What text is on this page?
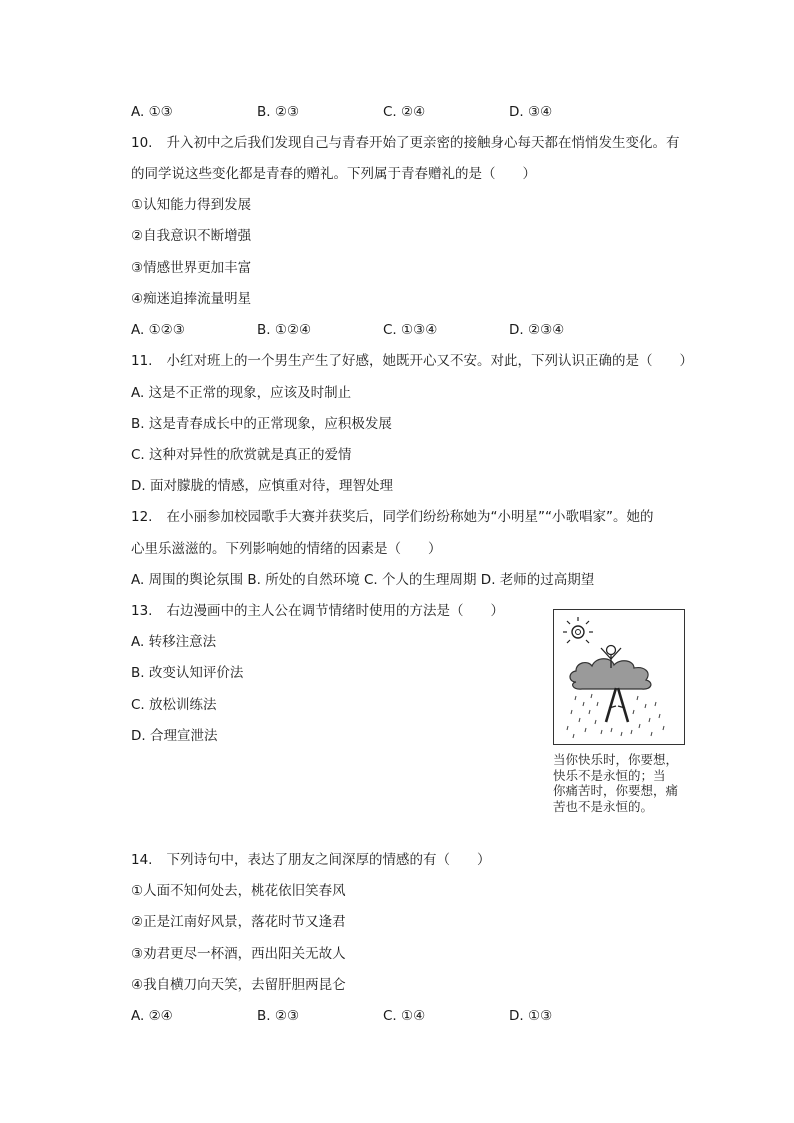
A. ①③	B. ②③	C. ②④	D. ③④
10. 升入初中之后我们发现自己与青春开始了更亲密的接触身心每天都在悄悄发生变化。有
的同学说这些变化都是青春的赠礼。下列属于青春赠礼的是（　　）
①认知能力得到发展
②自我意识不断增强
③情感世界更加丰富
④痴迷追捧流量明星
A. ①②③	B. ①②④	C. ①③④	D. ②③④
11. 小红对班上的一个男生产生了好感，她既开心又不安。对此，下列认识正确的是（　　）
A. 这是不正常的现象，应该及时制止
B. 这是青春成长中的正常现象，应积极发展
C. 这种对异性的欣赏就是真正的爱情
D. 面对朦胧的情感，应慎重对待，理智处理
12. 在小丽参加校园歌手大赛并获奖后，同学们纷纷称她为“小明星”“小歌唱家”。她的
心里乐滋滋的。下列影响她的情绪的因素是（　　）
A. 周围的舆论氛围 B. 所处的自然环境 C. 个人的生理周期 D. 老师的过高期望
13. 右边漫画中的主人公在调节情绪时使用的方法是（　　）
A. 转移注意法
B. 改变认知评价法
C. 放松训练法
D. 合理宣泄法
当你快乐时，你要想，
快乐不是永恒的；当
你痛苦时，你要想，痛
苦也不是永恒的。
14. 下列诗句中，表达了朋友之间深厚的情感的有（　　）
①人面不知何处去，桃花依旧笑春风
②正是江南好风景，落花时节又逢君
③劝君更尽一杯酒，西出阳关无故人
④我自横刀向天笑，去留肝胆两昆仑
A. ②④	B. ②③	C. ①④	D. ①③
